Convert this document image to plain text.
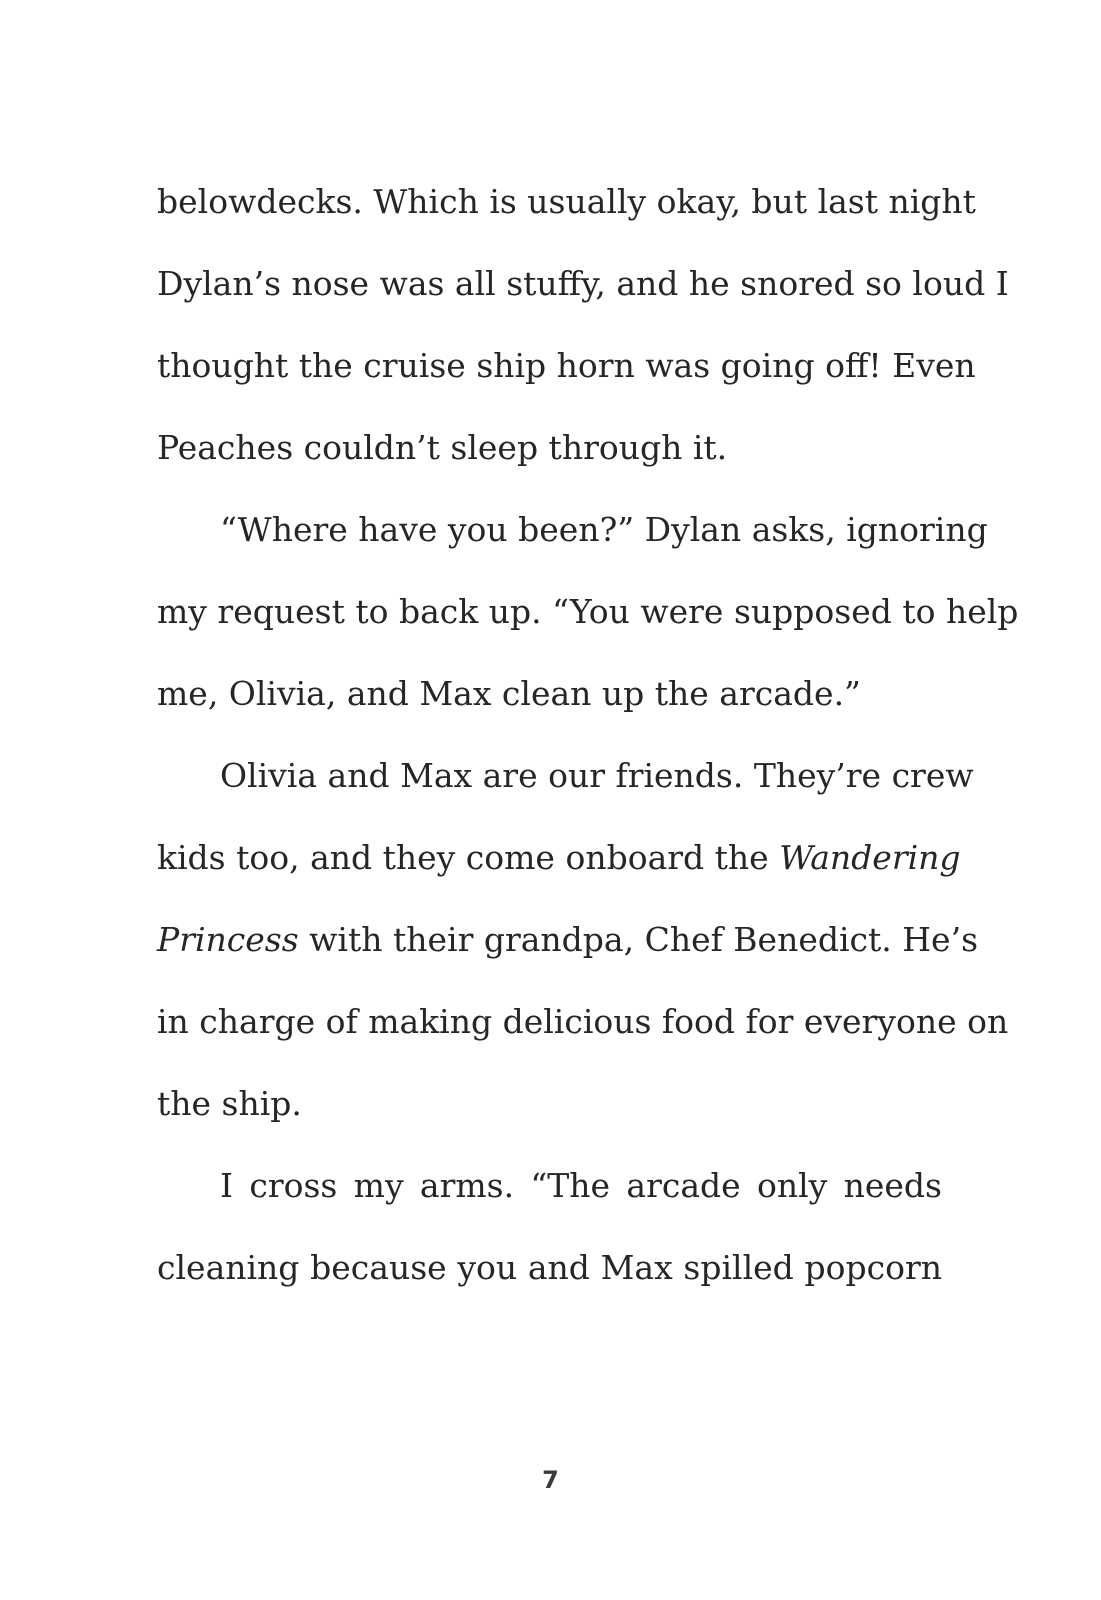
belowdecks. Which is usually okay, but last night
Dylan’s nose was all stuffy, and he snored so loud I
thought the cruise ship horn was going off! Even
Peaches couldn’t sleep through it.
“Where have you been?” Dylan asks, ignoring
my request to back up. “You were supposed to help
me, Olivia, and Max clean up the arcade.”
Olivia and Max are our friends. They’re crew
kids too, and they come onboard the Wandering
Princess with their grandpa, Chef Benedict. He’s
in charge of making delicious food for everyone on
the ship.
I cross my arms. “The arcade only needs
cleaning because you and Max spilled popcorn
7
